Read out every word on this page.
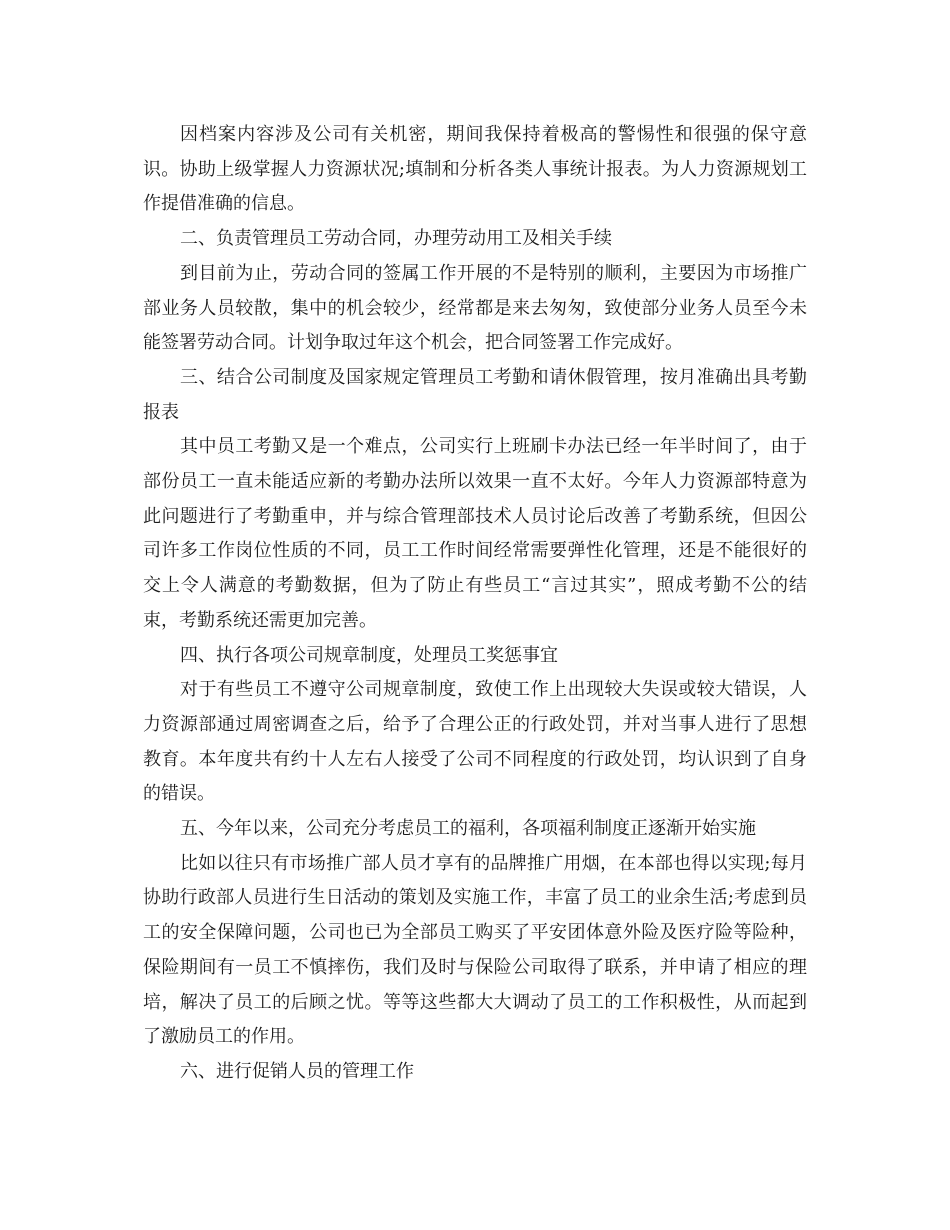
因档案内容涉及公司有关机密，期间我保持着极高的警惕性和很强的保守意识。协助上级掌握人力资源状况;填制和分析各类人事统计报表。为人力资源规划工作提借准确的信息。

二、负责管理员工劳动合同，办理劳动用工及相关手续

到目前为止，劳动合同的签属工作开展的不是特别的顺利，主要因为市场推广部业务人员较散，集中的机会较少，经常都是来去匆匆，致使部分业务人员至今未能签署劳动合同。计划争取过年这个机会，把合同签署工作完成好。

三、结合公司制度及国家规定管理员工考勤和请休假管理，按月准确出具考勤报表

其中员工考勤又是一个难点，公司实行上班刷卡办法已经一年半时间了，由于部份员工一直未能适应新的考勤办法所以效果一直不太好。今年人力资源部特意为此问题进行了考勤重申，并与综合管理部技术人员讨论后改善了考勤系统，但因公司许多工作岗位性质的不同，员工工作时间经常需要弹性化管理，还是不能很好的交上令人满意的考勤数据，但为了防止有些员工“言过其实”，照成考勤不公的结束，考勤系统还需更加完善。

四、执行各项公司规章制度，处理员工奖惩事宜

对于有些员工不遵守公司规章制度，致使工作上出现较大失误或较大错误，人力资源部通过周密调查之后，给予了合理公正的行政处罚，并对当事人进行了思想教育。本年度共有约十人左右人接受了公司不同程度的行政处罚，均认识到了自身的错误。

五、今年以来，公司充分考虑员工的福利，各项福利制度正逐渐开始实施

比如以往只有市场推广部人员才享有的品牌推广用烟，在本部也得以实现;每月协助行政部人员进行生日活动的策划及实施工作，丰富了员工的业余生活;考虑到员工的安全保障问题，公司也已为全部员工购买了平安团体意外险及医疗险等险种，保险期间有一员工不慎摔伤，我们及时与保险公司取得了联系，并申请了相应的理培，解决了员工的后顾之忧。等等这些都大大调动了员工的工作积极性，从而起到了激励员工的作用。

六、进行促销人员的管理工作
